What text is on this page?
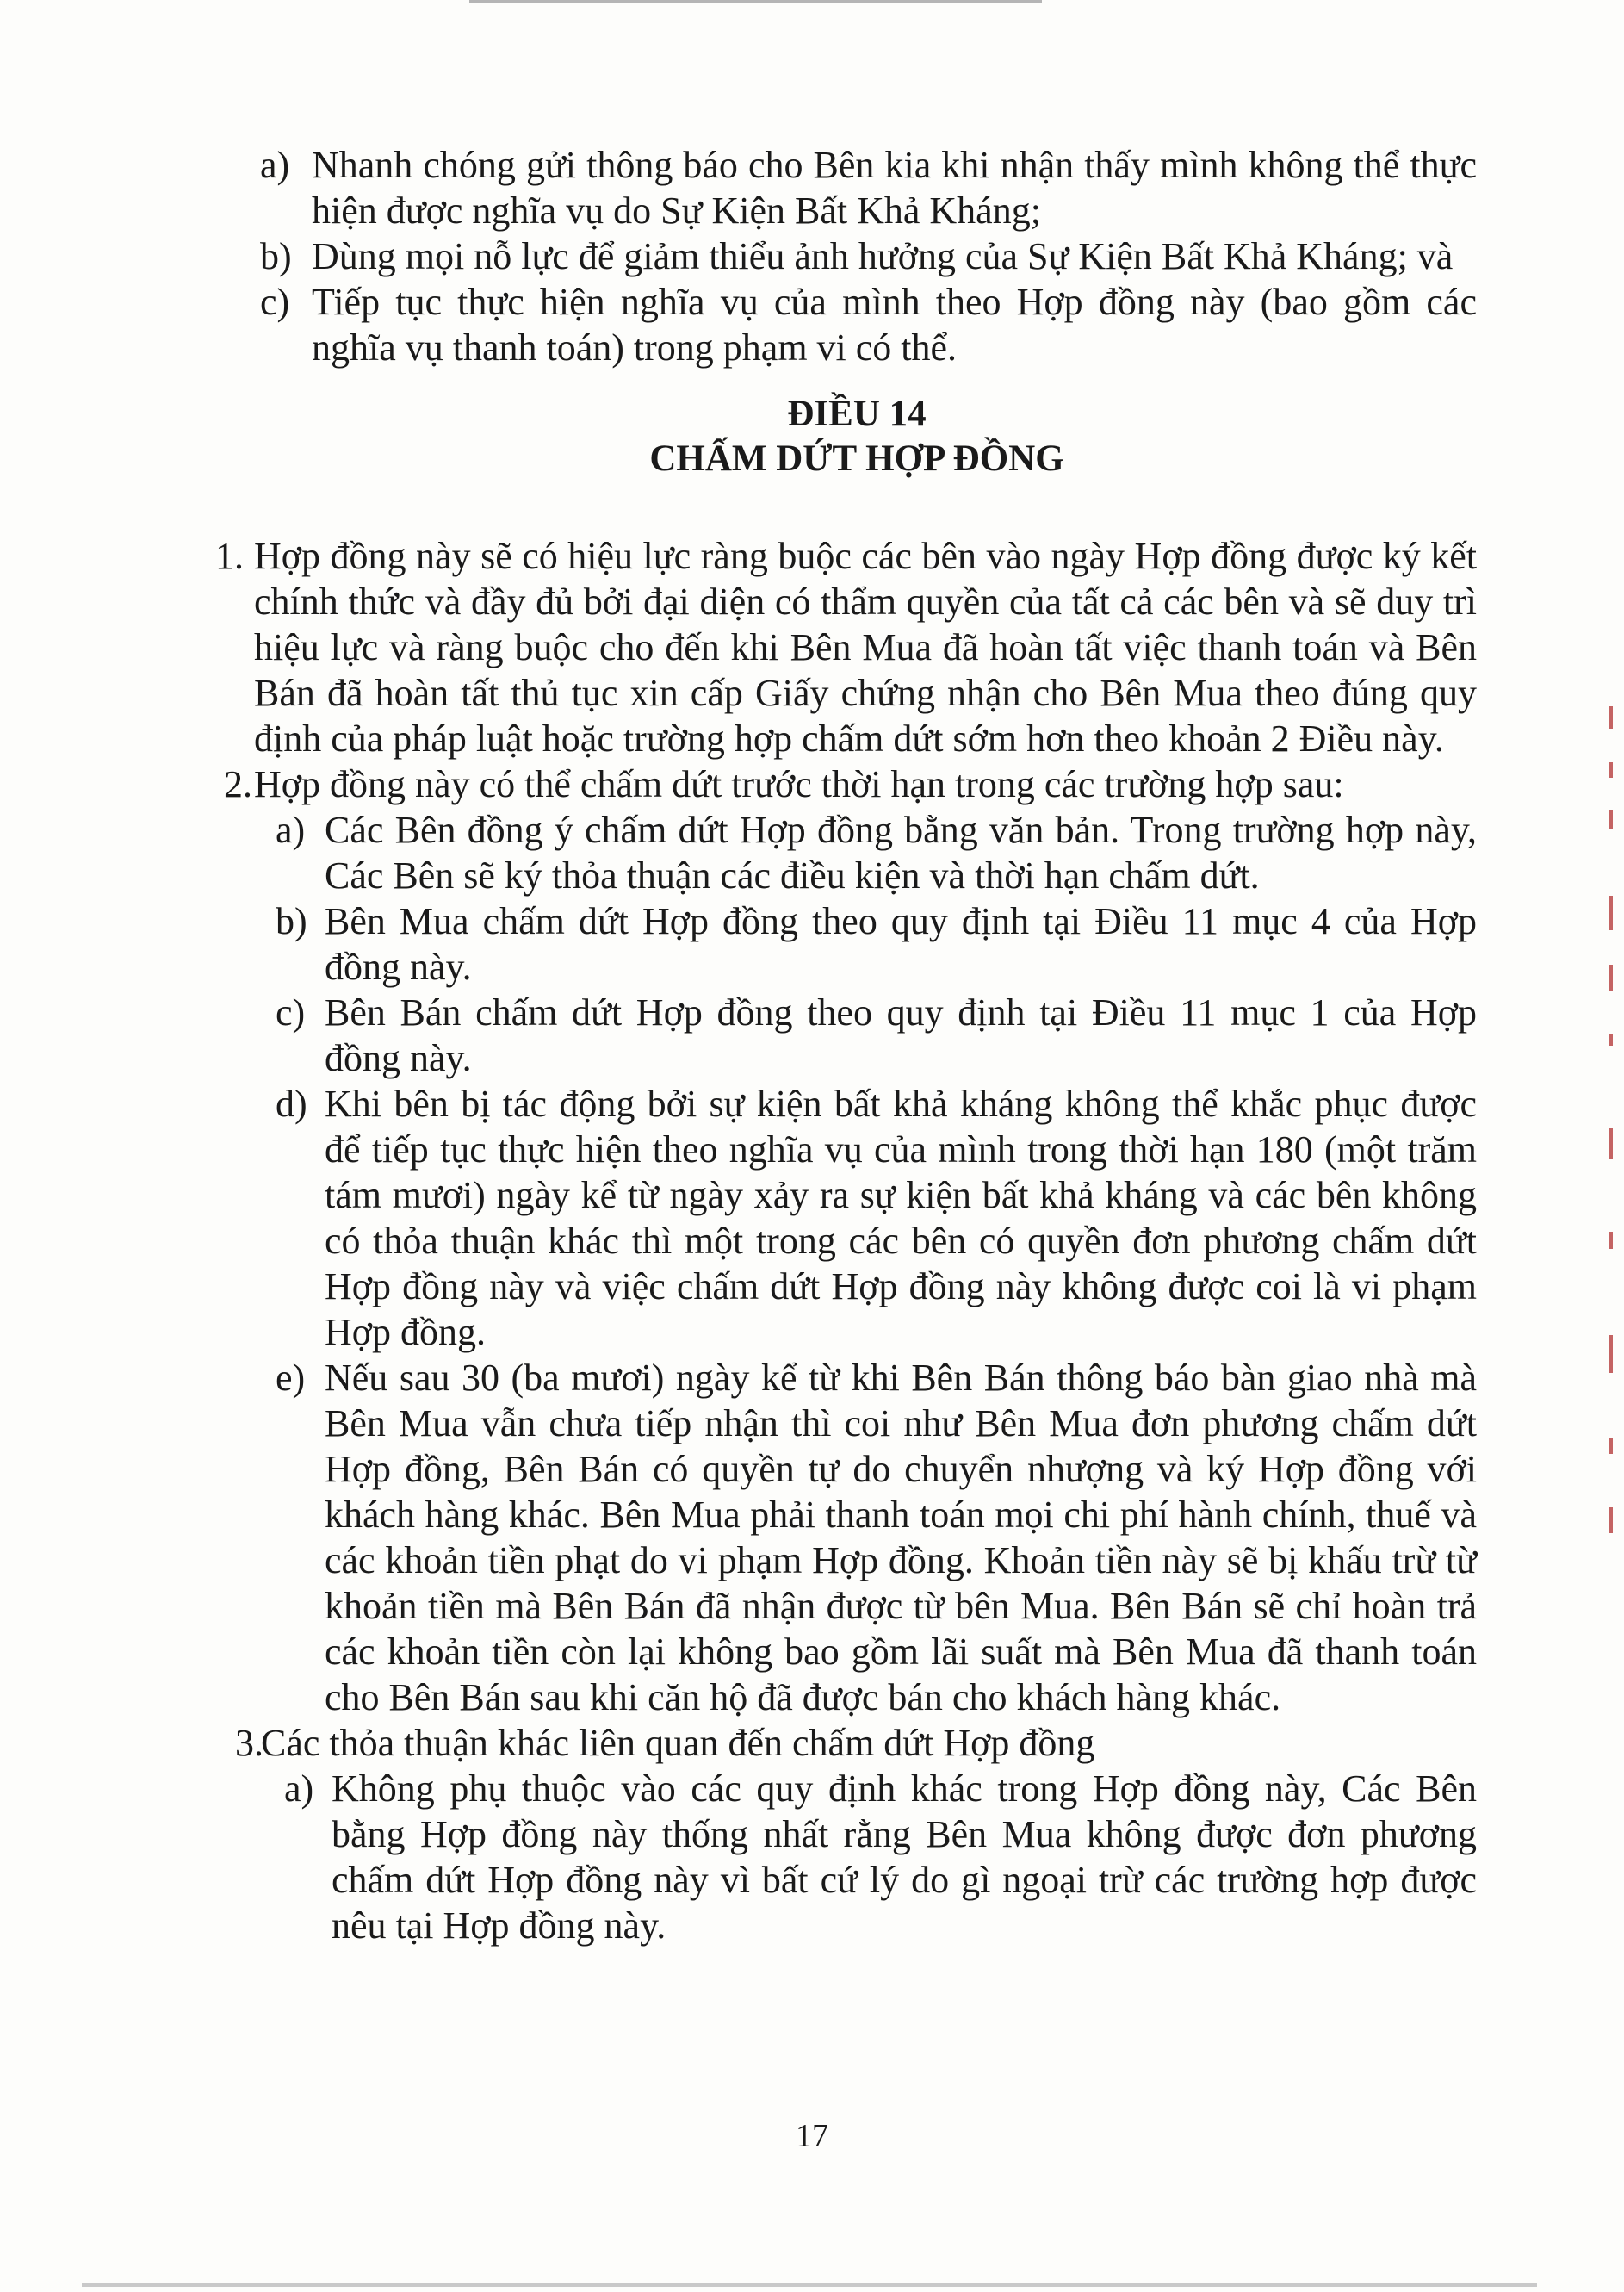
a) Nhanh chóng gửi thông báo cho Bên kia khi nhận thấy mình không thể thực hiện được nghĩa vụ do Sự Kiện Bất Khả Kháng;
b) Dùng mọi nỗ lực để giảm thiểu ảnh hưởng của Sự Kiện Bất Khả Kháng; và
c) Tiếp tục thực hiện nghĩa vụ của mình theo Hợp đồng này (bao gồm các nghĩa vụ thanh toán) trong phạm vi có thể.
ĐIỀU 14
CHẤM DỨT HỢP ĐỒNG
1. Hợp đồng này sẽ có hiệu lực ràng buộc các bên vào ngày Hợp đồng được ký kết chính thức và đầy đủ bởi đại diện có thẩm quyền của tất cả các bên và sẽ duy trì hiệu lực và ràng buộc cho đến khi Bên Mua đã hoàn tất việc thanh toán và Bên Bán đã hoàn tất thủ tục xin cấp Giấy chứng nhận cho Bên Mua theo đúng quy định của pháp luật hoặc trường hợp chấm dứt sớm hơn theo khoản 2 Điều này.
2. Hợp đồng này có thể chấm dứt trước thời hạn trong các trường hợp sau:
a) Các Bên đồng ý chấm dứt Hợp đồng bằng văn bản. Trong trường hợp này, Các Bên sẽ ký thỏa thuận các điều kiện và thời hạn chấm dứt.
b) Bên Mua chấm dứt Hợp đồng theo quy định tại Điều 11 mục 4 của Hợp đồng này.
c) Bên Bán chấm dứt Hợp đồng theo quy định tại Điều 11 mục 1 của Hợp đồng này.
d) Khi bên bị tác động bởi sự kiện bất khả kháng không thể khắc phục được để tiếp tục thực hiện theo nghĩa vụ của mình trong thời hạn 180 (một trăm tám mươi) ngày kể từ ngày xảy ra sự kiện bất khả kháng và các bên không có thỏa thuận khác thì một trong các bên có quyền đơn phương chấm dứt Hợp đồng này và việc chấm dứt Hợp đồng này không được coi là vi phạm Hợp đồng.
e) Nếu sau 30 (ba mươi) ngày kể từ khi Bên Bán thông báo bàn giao nhà mà Bên Mua vẫn chưa tiếp nhận thì coi như Bên Mua đơn phương chấm dứt Hợp đồng, Bên Bán có quyền tự do chuyển nhượng và ký Hợp đồng với khách hàng khác. Bên Mua phải thanh toán mọi chi phí hành chính, thuế và các khoản tiền phạt do vi phạm Hợp đồng. Khoản tiền này sẽ bị khấu trừ từ khoản tiền mà Bên Bán đã nhận được từ bên Mua. Bên Bán sẽ chỉ hoàn trả các khoản tiền còn lại không bao gồm lãi suất mà Bên Mua đã thanh toán cho Bên Bán sau khi căn hộ đã được bán cho khách hàng khác.
3.
Các thỏa thuận khác liên quan đến chấm dứt Hợp đồng
a) Không phụ thuộc vào các quy định khác trong Hợp đồng này, Các Bên bằng Hợp đồng này thống nhất rằng Bên Mua không được đơn phương chấm dứt Hợp đồng này vì bất cứ lý do gì ngoại trừ các trường hợp được nêu tại Hợp đồng này.
17
